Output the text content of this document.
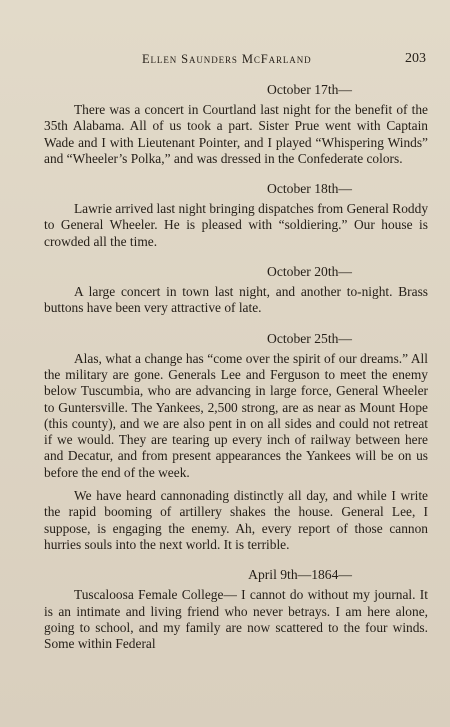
Ellen Saunders McFarland	203

October 17th—

There was a concert in Courtland last night for the benefit of the 35th Alabama. All of us took a part. Sister Prue went with Captain Wade and I with Lieutenant Pointer, and I played “Whispering Winds” and “Wheeler’s Polka,” and was dressed in the Confederate colors.

October 18th—

Lawrie arrived last night bringing dispatches from General Roddy to General Wheeler. He is pleased with “soldiering.” Our house is crowded all the time.

October 20th—

A large concert in town last night, and another to-night. Brass buttons have been very attractive of late.

October 25th—

Alas, what a change has “come over the spirit of our dreams.” All the military are gone. Generals Lee and Ferguson to meet the enemy below Tuscumbia, who are advancing in large force, General Wheeler to Guntersville. The Yankees, 2,500 strong, are as near as Mount Hope (this county), and we are also pent in on all sides and could not retreat if we would. They are tearing up every inch of railway between here and Decatur, and from present appearances the Yankees will be on us before the end of the week.

We have heard cannonading distinctly all day, and while I write the rapid booming of artillery shakes the house. General Lee, I suppose, is engaging the enemy. Ah, every report of those cannon hurries souls into the next world. It is terrible.

April 9th—1864—

Tuscaloosa Female College— I cannot do without my journal. It is an intimate and living friend who never betrays. I am here alone, going to school, and my family are now scattered to the four winds. Some within Federal
